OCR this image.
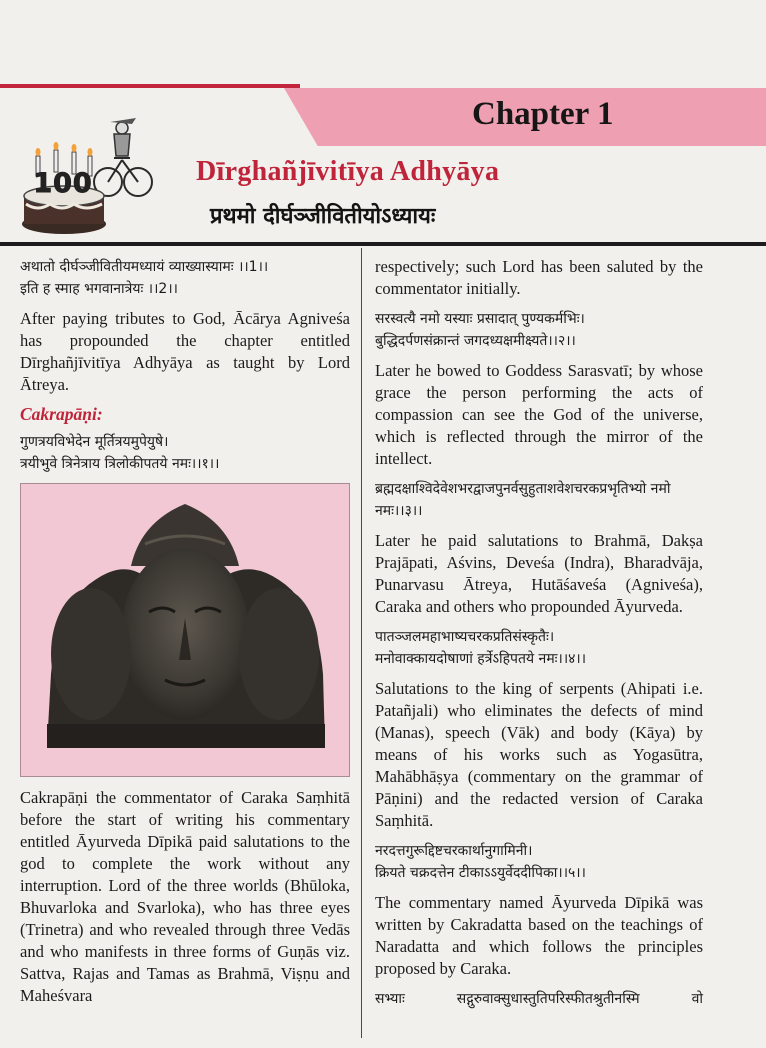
Chapter 1
100	Dīrghañjīvitīya Adhyāya
प्रथमो दीर्घञ्जीवितीयोऽध्यायः

अथातो दीर्घञ्जीवितीयमध्यायं व्याख्यास्यामः ।।1।।
इति ह स्माह भगवानात्रेयः ।।2।।

After paying tributes to God, Ācārya Agniveśa has propounded the chapter entitled Dīrghañjīvitīya Adhyāya as taught by Lord Ātreya.

Cakrapāṇi:

गुणत्रयविभेदेन मूर्तित्रयमुपेयुषे।
त्रयीभुवे त्रिनेत्राय त्रिलोकीपतये नमः।।१।।

Cakrapāṇi the commentator of Caraka Saṃhitā before the start of writing his commentary entitled Āyurveda Dīpikā paid salutations to the god to complete the work without any interruption. Lord of the three worlds (Bhūloka, Bhuvarloka and Svarloka), who has three eyes (Trinetra) and who revealed through three Vedās and who manifests in three forms of Guṇās viz. Sattva, Rajas and Tamas as Brahmā, Viṣṇu and Maheśvara

respectively; such Lord has been saluted by the commentator initially.

सरस्वत्यै नमो यस्याः प्रसादात् पुण्यकर्मभिः।
बुद्धिदर्पणसंक्रान्तं जगदध्यक्षमीक्ष्यते।।२।।

Later he bowed to Goddess Sarasvatī; by whose grace the person performing the acts of compassion can see the God of the universe, which is reflected through the mirror of the intellect.

ब्रह्मदक्षाश्विदेवेशभरद्वाजपुनर्वसुहुताशवेशचरकप्रभृतिभ्यो नमो नमः।।३।।

Later he paid salutations to Brahmā, Dakṣa Prajāpati, Aśvins, Deveśa (Indra), Bharadvāja, Punarvasu Ātreya, Hutāśaveśa (Agniveśa), Caraka and others who propounded Āyurveda.

पातञ्जलमहाभाष्यचरकप्रतिसंस्कृतैः।
मनोवाक्कायदोषाणां हर्त्रेऽहिपतये नमः।।४।।

Salutations to the king of serpents (Ahipati i.e. Patañjali) who eliminates the defects of mind (Manas), speech (Vāk) and body (Kāya) by means of his works such as Yogasūtra, Mahābhāṣya (commentary on the grammar of Pāṇini) and the redacted version of Caraka Saṃhitā.

नरदत्तगुरूद्दिष्टचरकार्थानुगामिनी।
क्रियते चक्रदत्तेन टीकाऽऽयुर्वेददीपिका।।५।।

The commentary named Āyurveda Dīpikā was written by Cakradatta based on the teachings of Naradatta and which follows the principles proposed by Caraka.

सभ्याः	सद्गुरुवाक्सुधास्तुतिपरिस्फीतश्रुतीनस्मि	वो
